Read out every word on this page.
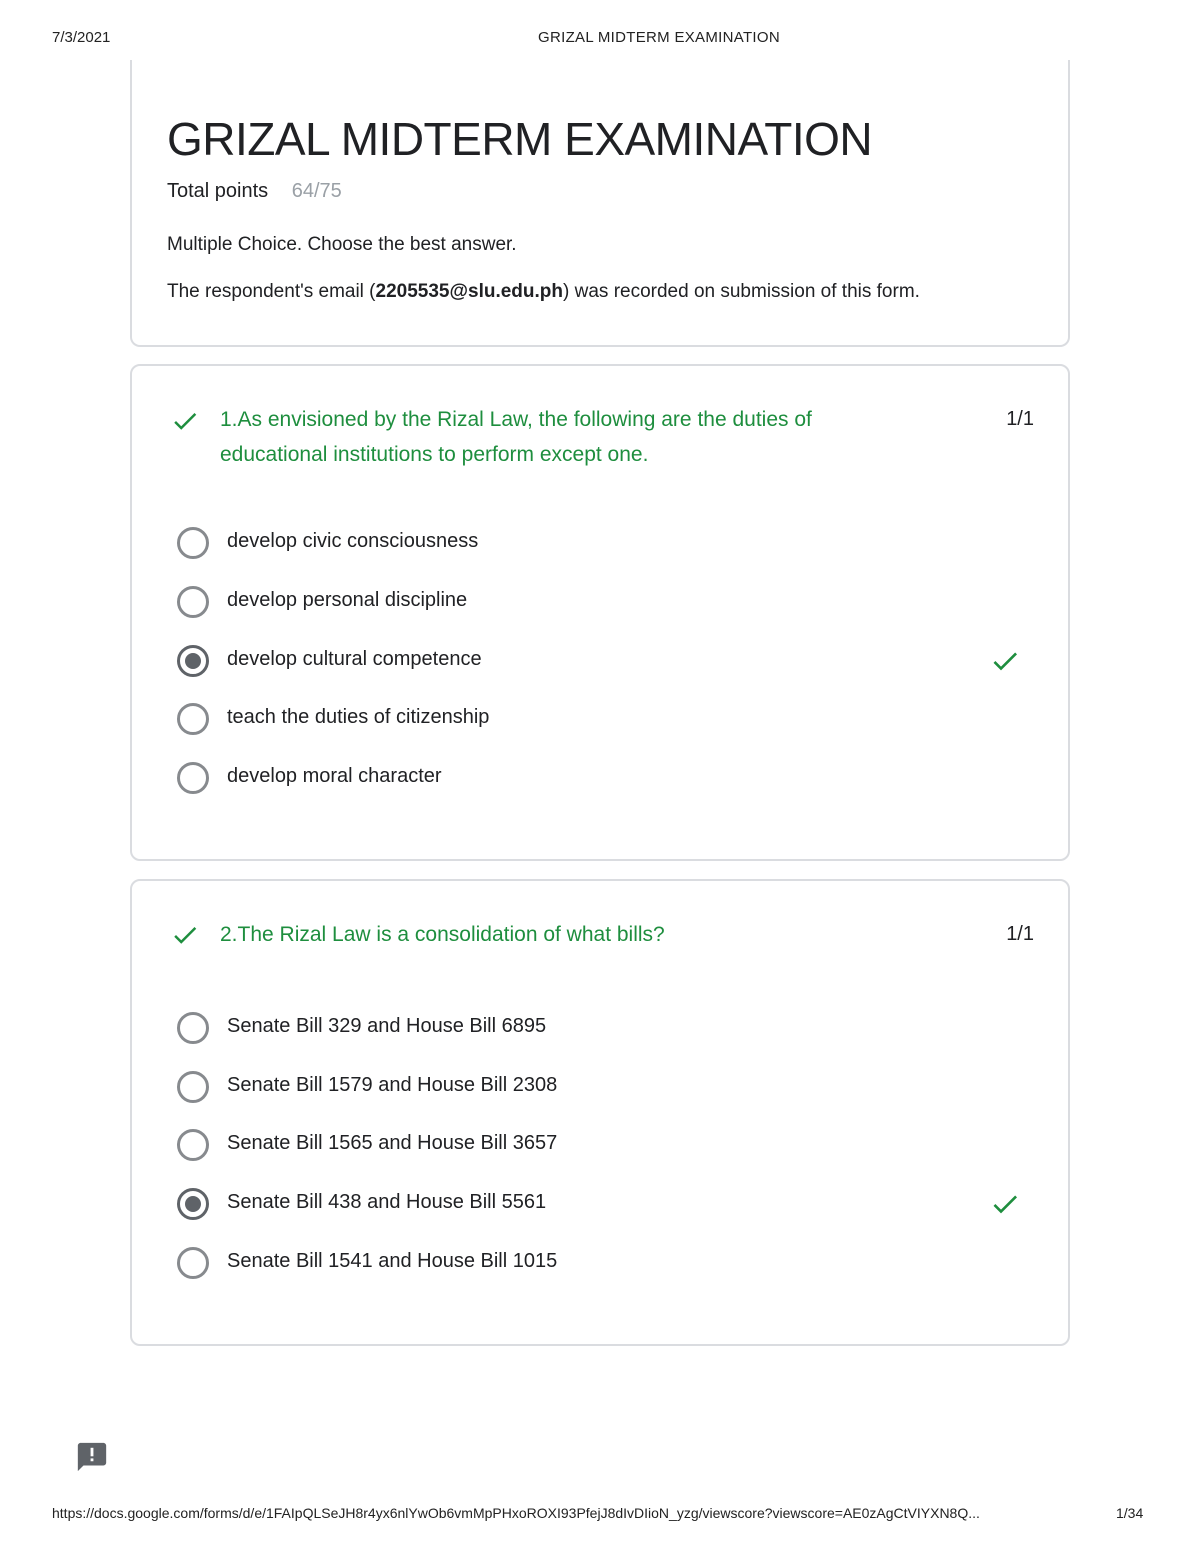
7/3/2021	GRIZAL MIDTERM EXAMINATION
GRIZAL MIDTERM EXAMINATION
Total points 64/75
Multiple Choice. Choose the best answer.
The respondent's email (2205535@slu.edu.ph) was recorded on submission of this form.
1.As envisioned by the Rizal Law, the following are the duties of educational institutions to perform except one.
1/1
develop civic consciousness
develop personal discipline
develop cultural competence
teach the duties of citizenship
develop moral character
2.The Rizal Law is a consolidation of what bills?	1/1
Senate Bill 329 and House Bill 6895
Senate Bill 1579 and House Bill 2308
Senate Bill 1565 and House Bill 3657
Senate Bill 438 and House Bill 5561
Senate Bill 1541 and House Bill 1015
https://docs.google.com/forms/d/e/1FAIpQLSeJH8r4yx6nlYwOb6vmMpPHxoROXI93PfejJ8dIvDIioN_yzg/viewscore?viewscore=AE0zAgCtVIYXN8Q...	1/34
